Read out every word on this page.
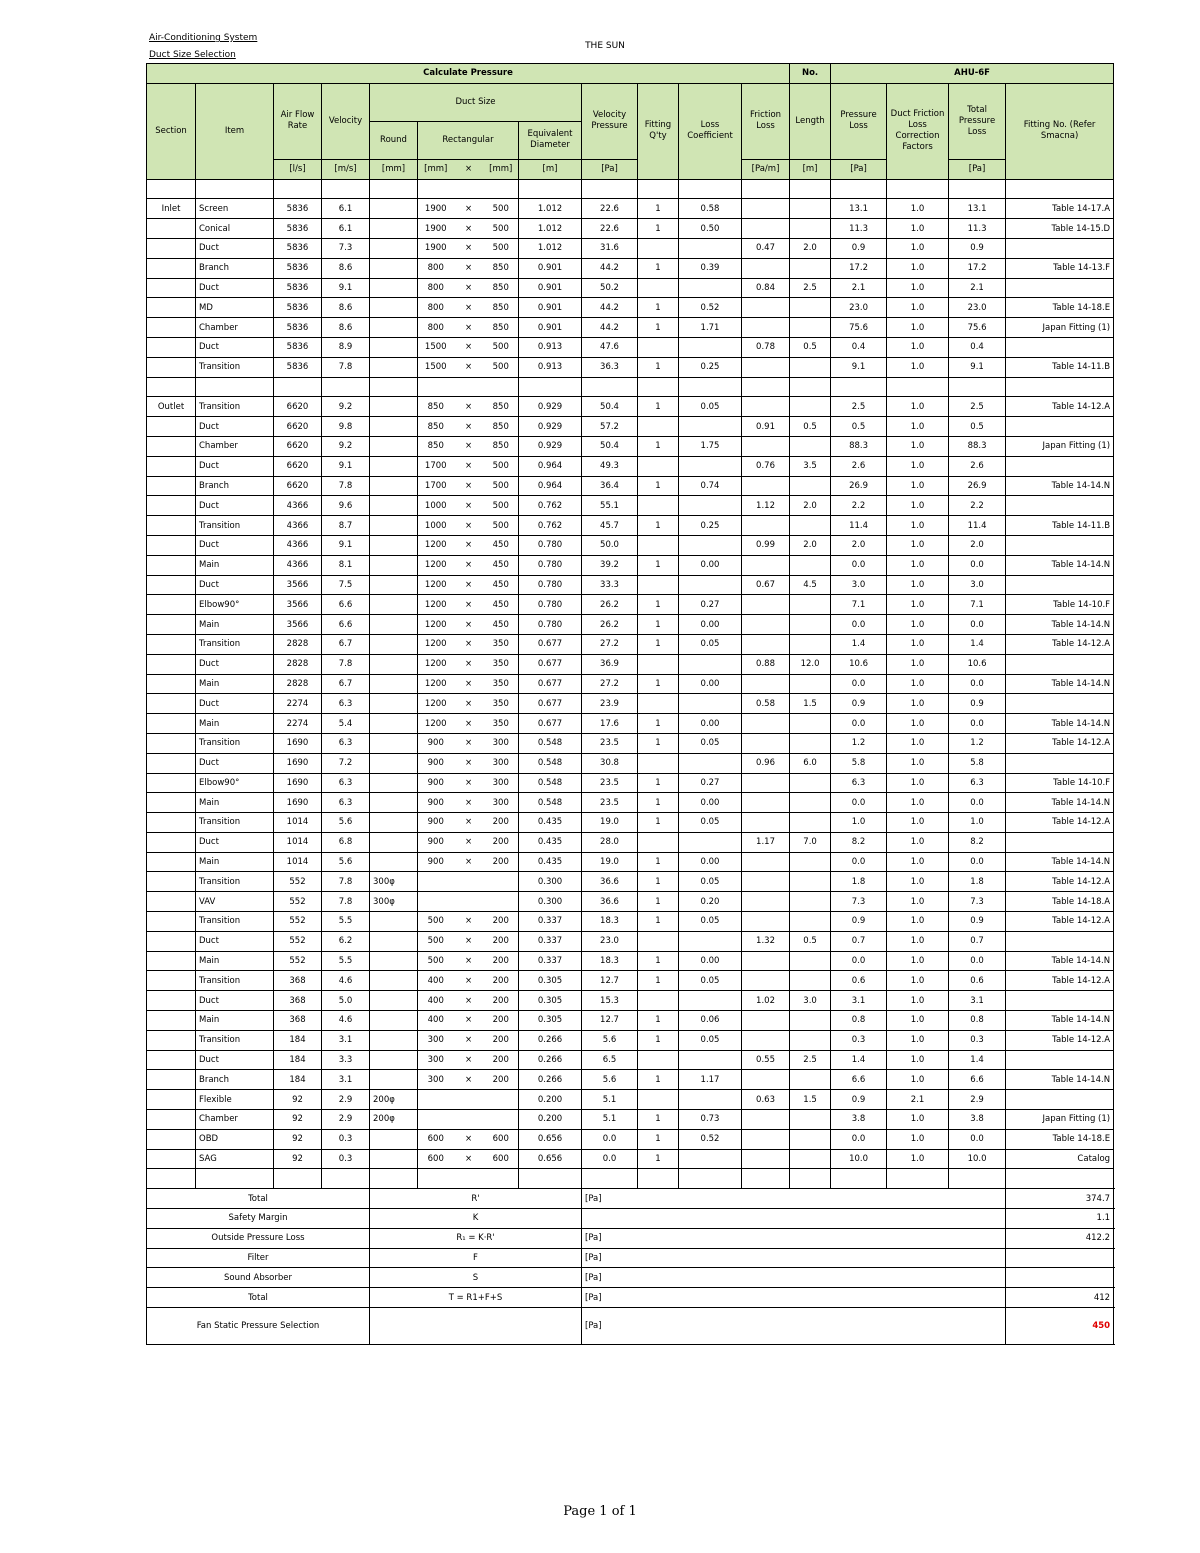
Air-Conditioning System
Duct Size Selection
THE SUN
Calculate Pressure													No.	AHU-6F				
Section	Item	Air Flow Rate	Velocity	Duct Size					Velocity Pressure	Fitting Q'ty	Loss Coefficient	Friction Loss	Length	Pressure Loss	Duct Friction Loss Correction Factors	Total Pressure Loss	Fitting No. (Refer Smacna)	
				Round	Rectangular			Equivalent Diameter										
		[l/s]	[m/s]	[mm]	[mm]	×	[mm]	[m]	[Pa]			[Pa/m]	[m]	[Pa]		[Pa]		

Inlet	Screen	5836	6.1		1900	×	500	1.012	22.6	1	0.58			13.1	1.0	13.1	Table 14-17.A	
	Conical	5836	6.1		1900	×	500	1.012	22.6	1	0.50			11.3	1.0	11.3	Table 14-15.D	
	Duct	5836	7.3		1900	×	500	1.012	31.6			0.47	2.0	0.9	1.0	0.9		
	Branch	5836	8.6		800	×	850	0.901	44.2	1	0.39			17.2	1.0	17.2	Table 14-13.F	
	Duct	5836	9.1		800	×	850	0.901	50.2			0.84	2.5	2.1	1.0	2.1		
	MD	5836	8.6		800	×	850	0.901	44.2	1	0.52			23.0	1.0	23.0	Table 14-18.E	
	Chamber	5836	8.6		800	×	850	0.901	44.2	1	1.71			75.6	1.0	75.6	Japan Fitting (1)	
	Duct	5836	8.9		1500	×	500	0.913	47.6			0.78	0.5	0.4	1.0	0.4		
	Transition	5836	7.8		1500	×	500	0.913	36.3	1	0.25			9.1	1.0	9.1	Table 14-11.B	

Outlet	Transition	6620	9.2		850	×	850	0.929	50.4	1	0.05			2.5	1.0	2.5	Table 14-12.A	
	Duct	6620	9.8		850	×	850	0.929	57.2			0.91	0.5	0.5	1.0	0.5		
	Chamber	6620	9.2		850	×	850	0.929	50.4	1	1.75			88.3	1.0	88.3	Japan Fitting (1)	
	Duct	6620	9.1		1700	×	500	0.964	49.3			0.76	3.5	2.6	1.0	2.6		
	Branch	6620	7.8		1700	×	500	0.964	36.4	1	0.74			26.9	1.0	26.9	Table 14-14.N	
	Duct	4366	9.6		1000	×	500	0.762	55.1			1.12	2.0	2.2	1.0	2.2		
	Transition	4366	8.7		1000	×	500	0.762	45.7	1	0.25			11.4	1.0	11.4	Table 14-11.B	
	Duct	4366	9.1		1200	×	450	0.780	50.0			0.99	2.0	2.0	1.0	2.0		
	Main	4366	8.1		1200	×	450	0.780	39.2	1	0.00			0.0	1.0	0.0	Table 14-14.N	
	Duct	3566	7.5		1200	×	450	0.780	33.3			0.67	4.5	3.0	1.0	3.0		
	Elbow90°	3566	6.6		1200	×	450	0.780	26.2	1	0.27			7.1	1.0	7.1	Table 14-10.F	
	Main	3566	6.6		1200	×	450	0.780	26.2	1	0.00			0.0	1.0	0.0	Table 14-14.N	
	Transition	2828	6.7		1200	×	350	0.677	27.2	1	0.05			1.4	1.0	1.4	Table 14-12.A	
	Duct	2828	7.8		1200	×	350	0.677	36.9			0.88	12.0	10.6	1.0	10.6		
	Main	2828	6.7		1200	×	350	0.677	27.2	1	0.00			0.0	1.0	0.0	Table 14-14.N	
	Duct	2274	6.3		1200	×	350	0.677	23.9			0.58	1.5	0.9	1.0	0.9		
	Main	2274	5.4		1200	×	350	0.677	17.6	1	0.00			0.0	1.0	0.0	Table 14-14.N	
	Transition	1690	6.3		900	×	300	0.548	23.5	1	0.05			1.2	1.0	1.2	Table 14-12.A	
	Duct	1690	7.2		900	×	300	0.548	30.8			0.96	6.0	5.8	1.0	5.8		
	Elbow90°	1690	6.3		900	×	300	0.548	23.5	1	0.27			6.3	1.0	6.3	Table 14-10.F	
	Main	1690	6.3		900	×	300	0.548	23.5	1	0.00			0.0	1.0	0.0	Table 14-14.N	
	Transition	1014	5.6		900	×	200	0.435	19.0	1	0.05			1.0	1.0	1.0	Table 14-12.A	
	Duct	1014	6.8		900	×	200	0.435	28.0			1.17	7.0	8.2	1.0	8.2		
	Main	1014	5.6		900	×	200	0.435	19.0	1	0.00			0.0	1.0	0.0	Table 14-14.N	
	Transition	552	7.8	300φ				0.300	36.6	1	0.05			1.8	1.0	1.8	Table 14-12.A	
	VAV	552	7.8	300φ				0.300	36.6	1	0.20			7.3	1.0	7.3	Table 14-18.A	
	Transition	552	5.5		500	×	200	0.337	18.3	1	0.05			0.9	1.0	0.9	Table 14-12.A	
	Duct	552	6.2		500	×	200	0.337	23.0			1.32	0.5	0.7	1.0	0.7		
	Main	552	5.5		500	×	200	0.337	18.3	1	0.00			0.0	1.0	0.0	Table 14-14.N	
	Transition	368	4.6		400	×	200	0.305	12.7	1	0.05			0.6	1.0	0.6	Table 14-12.A	
	Duct	368	5.0		400	×	200	0.305	15.3			1.02	3.0	3.1	1.0	3.1		
	Main	368	4.6		400	×	200	0.305	12.7	1	0.06			0.8	1.0	0.8	Table 14-14.N	
	Transition	184	3.1		300	×	200	0.266	5.6	1	0.05			0.3	1.0	0.3	Table 14-12.A	
	Duct	184	3.3		300	×	200	0.266	6.5			0.55	2.5	1.4	1.0	1.4		
	Branch	184	3.1		300	×	200	0.266	5.6	1	1.17			6.6	1.0	6.6	Table 14-14.N	
	Flexible	92	2.9	200φ				0.200	5.1			0.63	1.5	0.9	2.1	2.9		
	Chamber	92	2.9	200φ				0.200	5.1	1	0.73			3.8	1.0	3.8	Japan Fitting (1)	
	OBD	92	0.3		600	×	600	0.656	0.0	1	0.52			0.0	1.0	0.0	Table 14-18.E	
	SAG	92	0.3		600	×	600	0.656	0.0	1				10.0	1.0	10.0	Catalog	

Total				R'					[Pa]								374.7	
Safety Margin				K													1.1	
Outside Pressure Loss				R₁ = K·R'					[Pa]								412.2	
Filter				F					[Pa]									
Sound Absorber				S					[Pa]									
Total				T = R1+F+S					[Pa]								412	
Fan Static Pressure Selection									[Pa]								450	

Page 1 of 1
